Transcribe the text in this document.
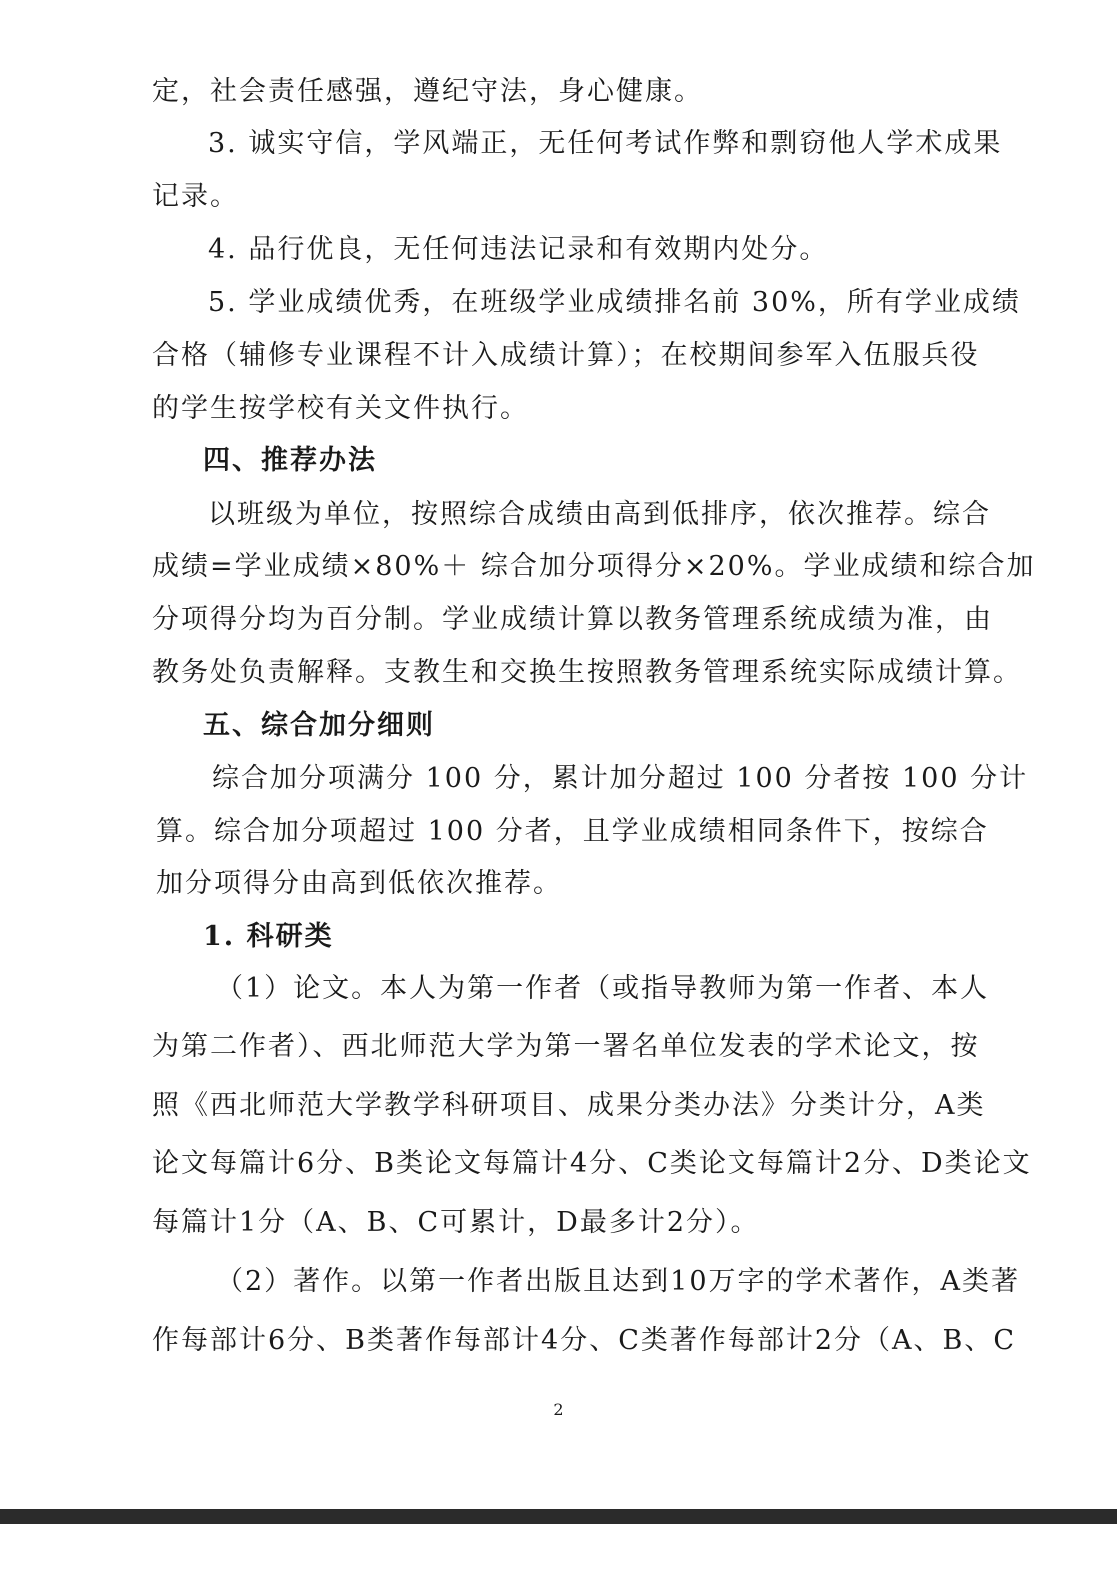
定，社会责任感强，遵纪守法，身心健康。
3. 诚实守信，学风端正，无任何考试作弊和剽窃他人学术成果
记录。
4. 品行优良，无任何违法记录和有效期内处分。
5. 学业成绩优秀，在班级学业成绩排名前 30%，所有学业成绩
合格（辅修专业课程不计入成绩计算）；在校期间参军入伍服兵役
的学生按学校有关文件执行。
四、推荐办法
以班级为单位，按照综合成绩由高到低排序，依次推荐。综合
成绩=学业成绩×80%＋ 综合加分项得分×20%。学业成绩和综合加
分项得分均为百分制。学业成绩计算以教务管理系统成绩为准，由
教务处负责解释。支教生和交换生按照教务管理系统实际成绩计算。
五、综合加分细则
综合加分项满分 100 分，累计加分超过 100 分者按 100 分计
算。综合加分项超过 100 分者，且学业成绩相同条件下，按综合
加分项得分由高到低依次推荐。
1. 科研类
（1）论文。本人为第一作者（或指导教师为第一作者、本人
为第二作者）、西北师范大学为第一署名单位发表的学术论文，按
照《西北师范大学教学科研项目、成果分类办法》分类计分，A类
论文每篇计6分、B类论文每篇计4分、C类论文每篇计2分、D类论文
每篇计1分（A、B、C可累计，D最多计2分）。
（2）著作。以第一作者出版且达到10万字的学术著作，A类著
作每部计6分、B类著作每部计4分、C类著作每部计2分（A、B、C
2
